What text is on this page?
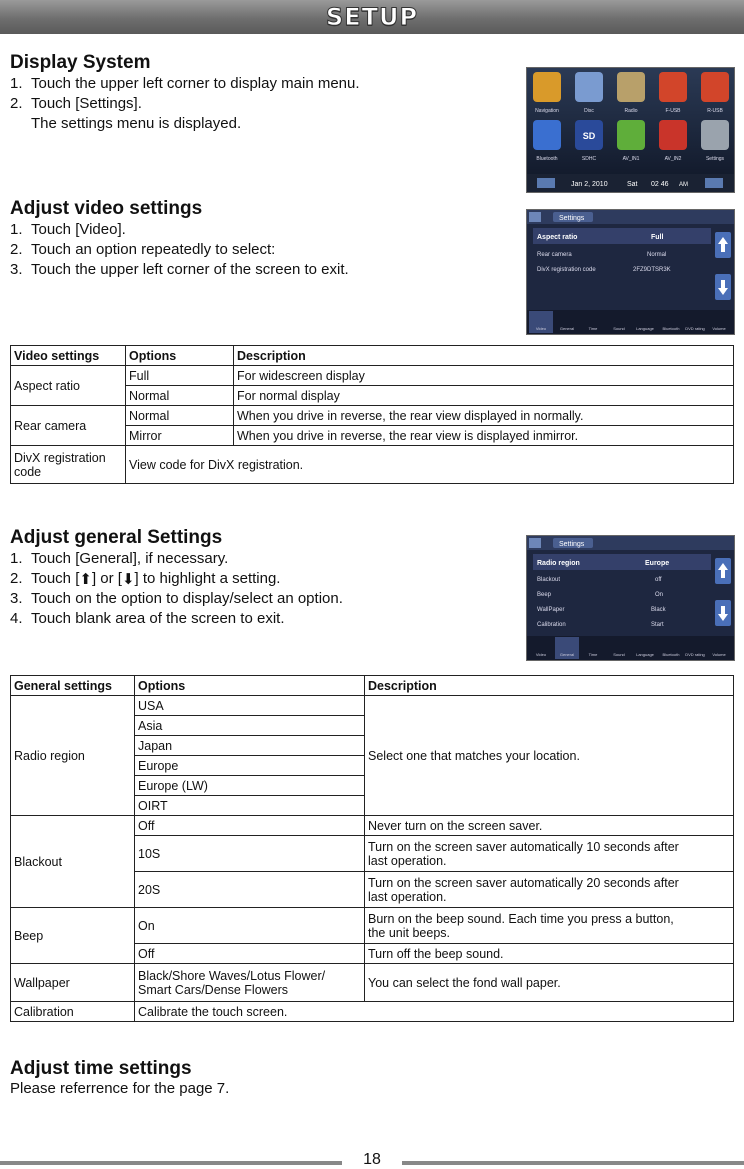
SETUP
Display System
1. Touch the upper left corner to display main menu.
2. Touch [Settings].
The settings menu is displayed.
SD
Navigation	Disc	Radio	F-USB	R-USB
Bluetooth	SDHC	AV_IN1	AV_IN2	Settings
Jan 2, 2010	Sat 02 46 AM
Adjust video settings
1. Touch [Video].
2. Touch an option repeatedly to select:
3. Touch the upper left corner of the screen to exit.
Settings
Aspect ratio	Full
Rear camera	Normal
DivX registration code	2FZ9DTSR3K
Video	General	Time	Sound	Language Bluetooth DVD rating Volume
Video settings	Options	Description
Aspect ratio	Full	For widescreen display
	Normal	For normal display
Rear camera	Normal	When you drive in reverse, the rear view displayed in normally.
	Mirror	When you drive in reverse, the rear view is displayed inmirror.
DivX registration
code	View code for DivX registration.	
Adjust general Settings
1. Touch [General], if necessary.
2. Touch [⬆] or [⬇] to highlight a setting.
3. Touch on the option to display/select an option.
4. Touch blank area of the screen to exit.
Settings
Radio region	Europe
Blackout	off
Beep	On
WallPaper	Black
Calibration	Start
Video	General	Time	Sound	Language Bluetooth DVD rating Volume
General settings	Options	Description
Radio region	USA	Select one that matches your location.
	Asia	
	Japan	
	Europe	
	Europe (LW)	
	OIRT	
Blackout	Off	Never turn on the screen saver.
	10S	Turn on the screen saver automatically 10 seconds after
last operation.
	20S	Turn on the screen saver automatically 20 seconds after
last operation.
Beep	On	Burn on the beep sound. Each time you press a button,
the unit beeps.
	Off	Turn off the beep sound.
Wallpaper	Black/Shore Waves/Lotus Flower/
Smart Cars/Dense Flowers	You can select the fond wall paper.
Calibration	Calibrate the touch screen.	
Adjust time settings
Please referrence for the page 7.
18
